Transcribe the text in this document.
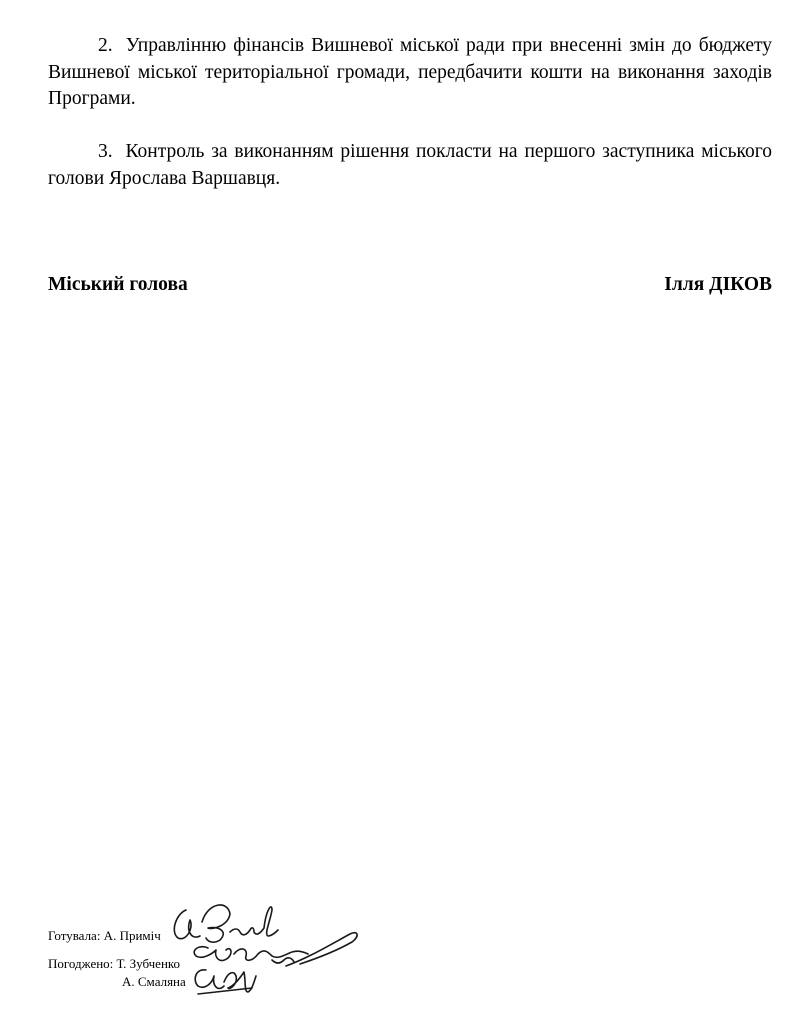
2. Управлінню фінансів Вишневої міської ради при внесенні змін до бюджету Вишневої міської територіальної громади, передбачити кошти на виконання заходів Програми.

3. Контроль за виконанням рішення покласти на першого заступника міського голови Ярослава Варшавця.

Міський голова	Ілля ДІКОВ
Готувала: А. Приміч
Погоджено: Т. Зубченко
А. Смаляна
